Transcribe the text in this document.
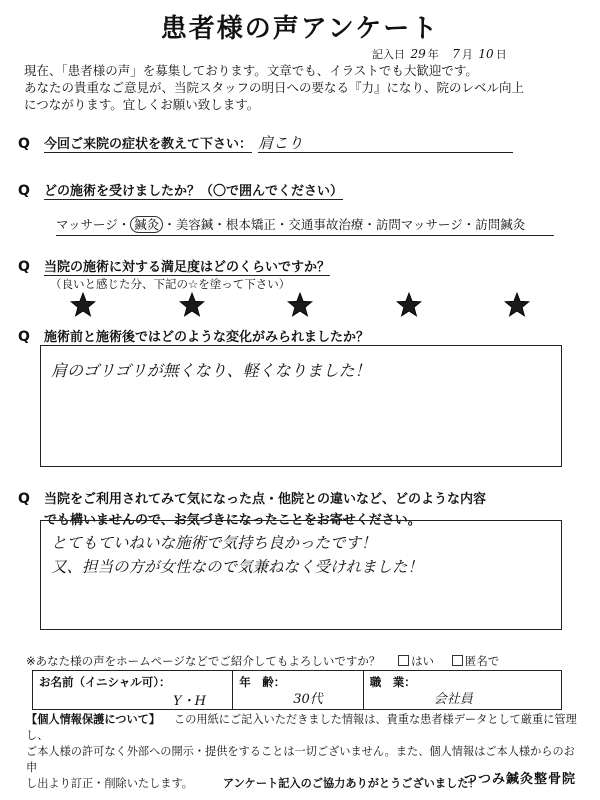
患者様の声アンケート
記入日 29 年 7 月 10 日
現在、「患者様の声」を募集しております。文章でも、イラストでも大歓迎です。
あなたの貴重なご意見が、当院スタッフの明日への要なる『力』になり、院のレベル向上
につながります。宜しくお願い致します。
Q 今回ご来院の症状を教えて下さい： 肩こり
Q どの施術を受けましたか？（〇で囲んでください）
マッサージ・ 鍼灸 ・美容鍼・根本矯正・交通事故治療・訪問マッサージ・訪問鍼灸
Q 当院の施術に対する満足度はどのくらいですか？
（良いと感じた分、下記の☆を塗って下さい）
Q 施術前と施術後ではどのような変化がみられましたか？
肩のゴリゴリが無くなり、軽くなりました！
Q 当院をご利用されてみて気になった点・他院との違いなど、どのような内容
でも構いませんので、お気づきになったことをお寄せください。
とてもていねいな施術で気持ち良かったです！
又、担当の方が女性なので気兼ねなく受けれました！
※あなた様の声をホームページなどでご紹介してもよろしいですか？	はい	匿名で
お名前（イニシャル可）：
Y・H
年　齢：
30代
職　業：
会社員
【個人情報保護について】 この用紙にご記入いただきました情報は、貴重な患者様データとして厳重に管理し、
ご本人様の許可なく外部への開示・提供をすることは一切ございません。また、個人情報はご本人様からのお申
し出より訂正・削除いたします。	アンケート記入のご協力ありがとうございました！
つつみ鍼灸整骨院
